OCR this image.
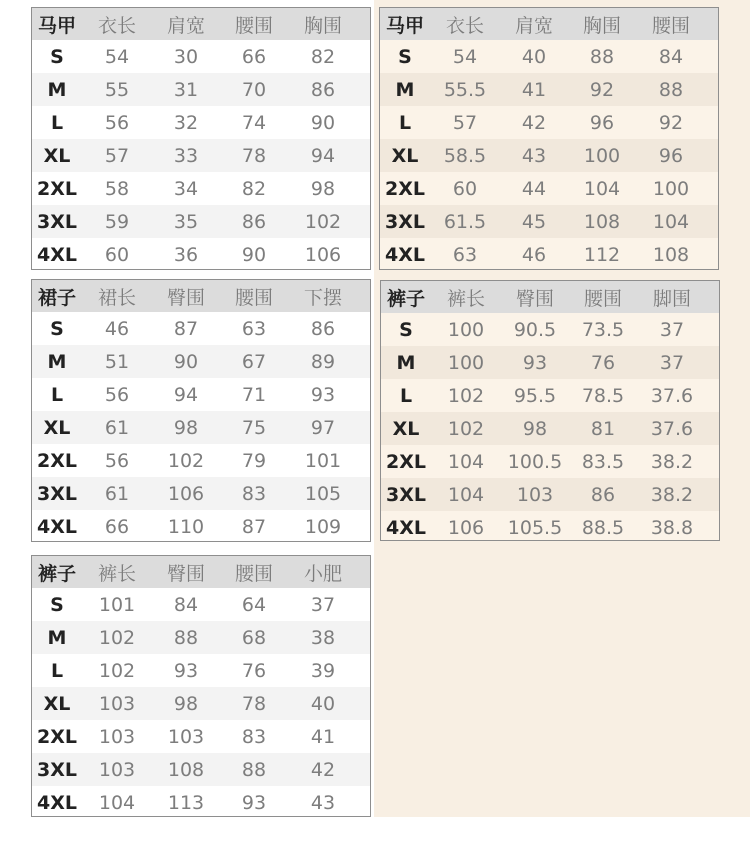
马甲	衣长	肩宽	腰围	胸围
S	54	30	66	82
M	55	31	70	86
L	56	32	74	90
XL	57	33	78	94
2XL	58	34	82	98
3XL	59	35	86	102
4XL	60	36	90	106
马甲	衣长	肩宽	胸围	腰围
S	54	40	88	84
M	55.5	41	92	88
L	57	42	96	92
XL	58.5	43	100	96
2XL	60	44	104	100
3XL 61.5	45	108	104
4XL	63	46	112	108
裙子	裙长	臀围	腰围	下摆
S	46	87	63	86
M	51	90	67	89
L	56	94	71	93
XL	61	98	75	97
2XL	56	102	79	101
3XL	61	106	83	105
4XL	66	110	87	109
裤子	裤长	臀围	腰围	脚围
S	100	90.5	73.5	37
M	100	93	76	37
L	102	95.5	78.5	37.6
XL	102	98	81	37.6
2XL	104	100.5	83.5	38.2
3XL	104	103	86	38.2
4XL	106	105.5	88.5	38.8
裤子	裤长	臀围	腰围	小肥
S	101	84	64	37
M	102	88	68	38
L	102	93	76	39
XL	103	98	78	40
2XL	103	103	83	41
3XL	103	108	88	42
4XL	104	113	93	43
